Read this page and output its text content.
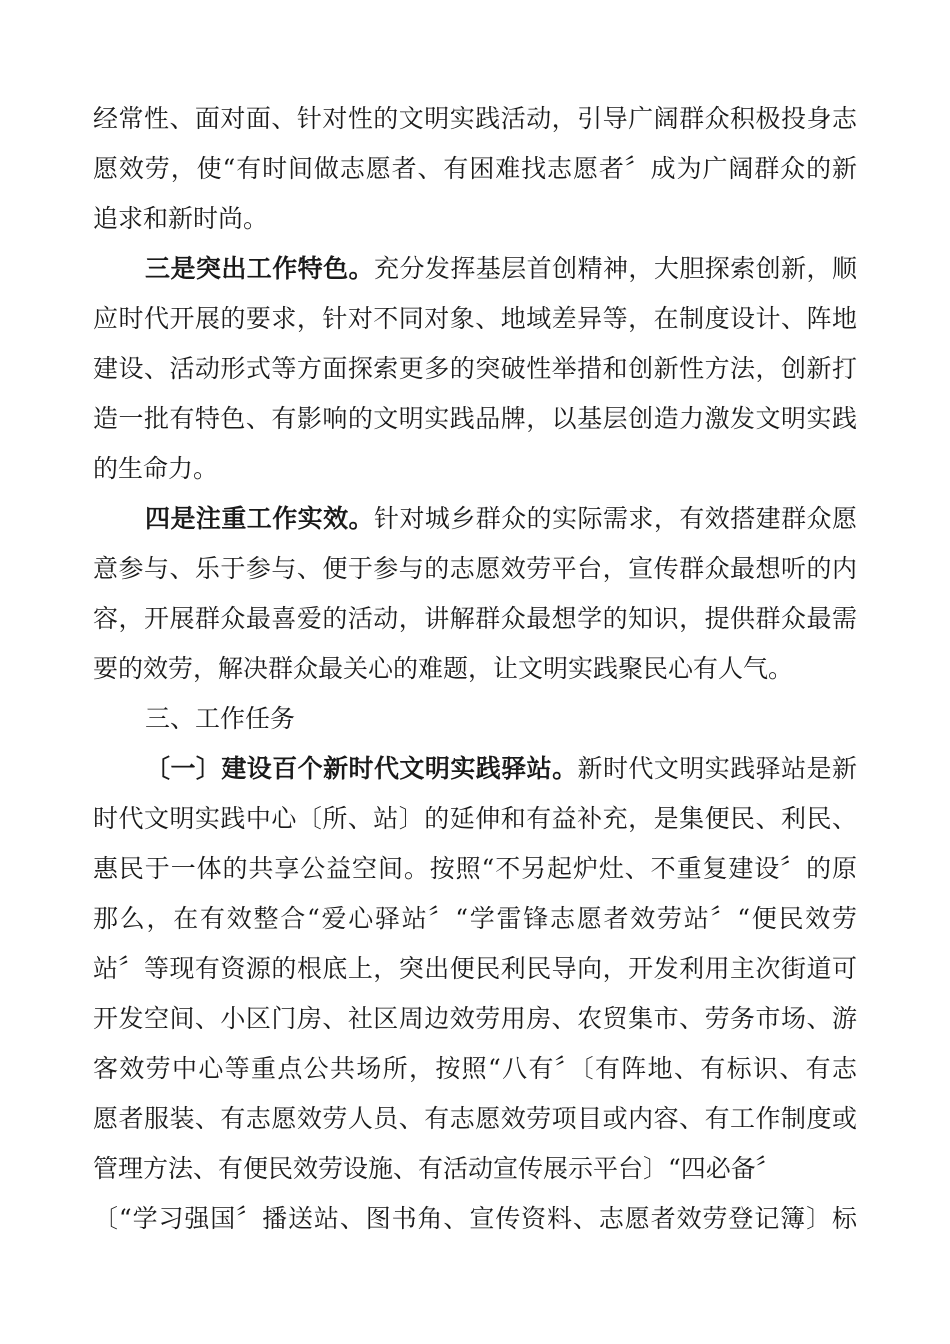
经常性、面对面、针对性的文明实践活动，引导广阔群众积极投身志
愿效劳，使“有时间做志愿者、有困难找志愿者〞成为广阔群众的新
追求和新时尚。
三是突出工作特色。充分发挥基层首创精神，大胆探索创新，顺
应时代开展的要求，针对不同对象、地域差异等，在制度设计、阵地
建设、活动形式等方面探索更多的突破性举措和创新性方法，创新打
造一批有特色、有影响的文明实践品牌，以基层创造力激发文明实践
的生命力。
四是注重工作实效。针对城乡群众的实际需求，有效搭建群众愿
意参与、乐于参与、便于参与的志愿效劳平台，宣传群众最想听的内
容，开展群众最喜爱的活动，讲解群众最想学的知识，提供群众最需
要的效劳，解决群众最关心的难题，让文明实践聚民心有人气。
三、工作任务
〔一〕建设百个新时代文明实践驿站。新时代文明实践驿站是新
时代文明实践中心〔所、站〕的延伸和有益补充，是集便民、利民、
惠民于一体的共享公益空间。按照“不另起炉灶、不重复建设〞的原
那么，在有效整合“爱心驿站〞“学雷锋志愿者效劳站〞“便民效劳
站〞等现有资源的根底上，突出便民利民导向，开发利用主次街道可
开发空间、小区门房、社区周边效劳用房、农贸集市、劳务市场、游
客效劳中心等重点公共场所，按照“八有〞〔有阵地、有标识、有志
愿者服装、有志愿效劳人员、有志愿效劳项目或内容、有工作制度或
管理方法、有便民效劳设施、有活动宣传展示平台〕“四必备〞
〔“学习强国〞播送站、图书角、宣传资料、志愿者效劳登记簿〕标
